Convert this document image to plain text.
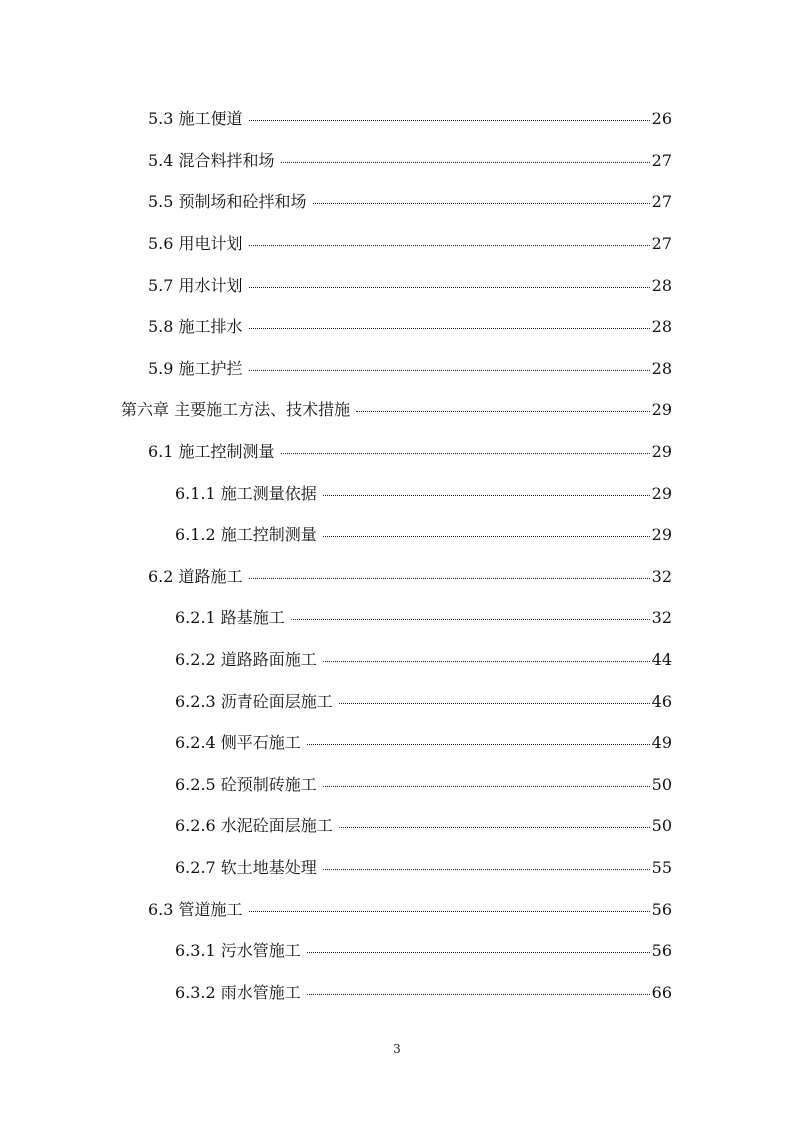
5.3 施工便道	26
5.4 混合料拌和场	27
5.5 预制场和砼拌和场	27
5.6 用电计划	27
5.7 用水计划	28
5.8 施工排水	28
5.9 施工护拦	28
第六章 主要施工方法、技术措施	29
6.1 施工控制测量	29
6.1.1 施工测量依据	29
6.1.2 施工控制测量	29
6.2 道路施工	32
6.2.1 路基施工	32
6.2.2 道路路面施工	44
6.2.3 沥青砼面层施工	46
6.2.4 侧平石施工	49
6.2.5 砼预制砖施工	50
6.2.6 水泥砼面层施工	50
6.2.7 软土地基处理	55
6.3 管道施工	56
6.3.1 污水管施工	56
6.3.2 雨水管施工	66
3
